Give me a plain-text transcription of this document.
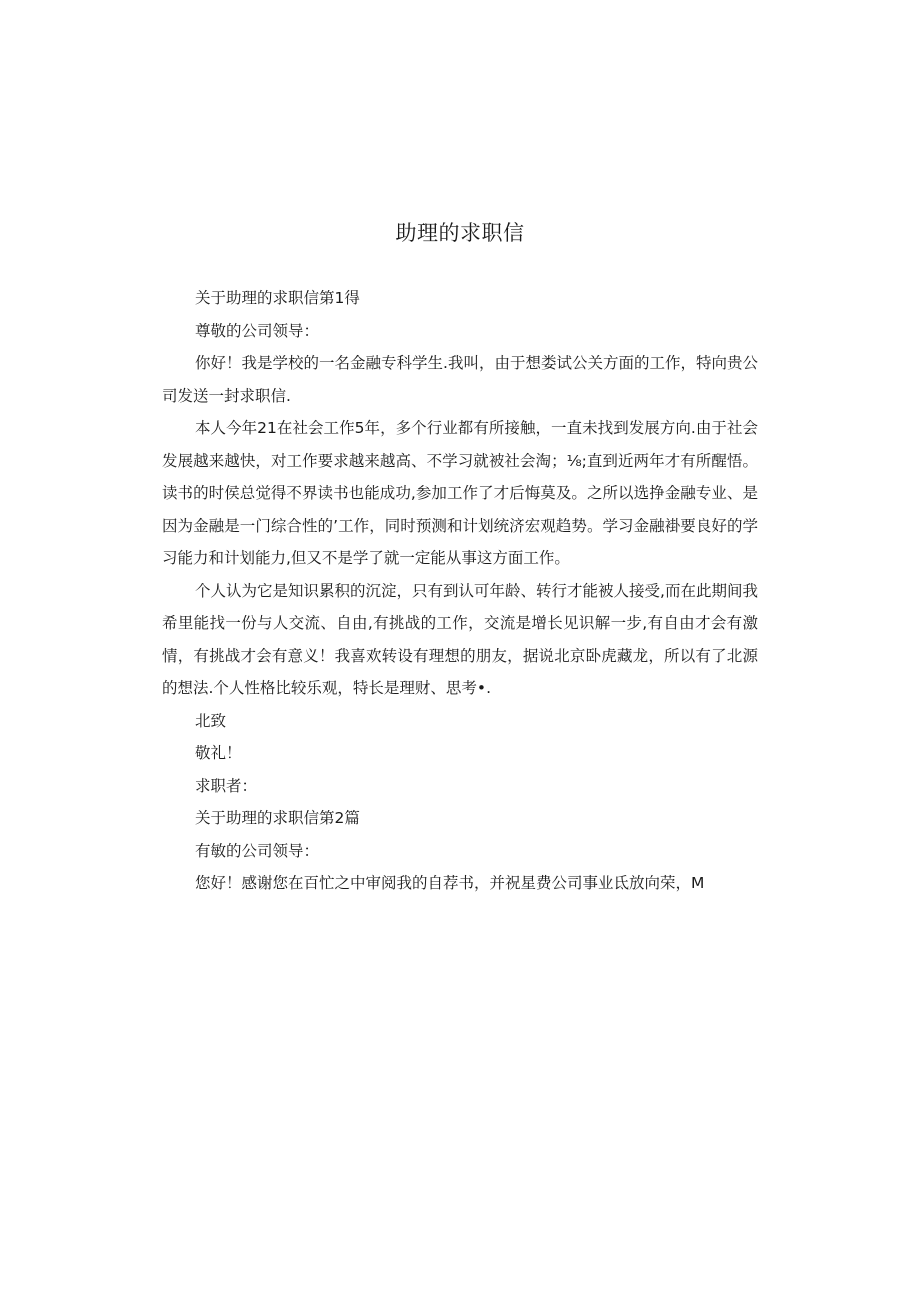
助理的求职信

关于助理的求职信第1得

尊敬的公司领导：

你好！我是学校的一名金融专科学生.我叫，由于想娄试公关方面的工作，特向贵公司发送一封求职信.

本人今年21在社会工作5年，多个行业都有所接触，一直未找到发展方向.由于社会发展越来越快，对工作要求越来越高、不学习就被社会淘；⅛;直到近两年才有所醒悟。读书的时侯总觉得不界读书也能成功,参加工作了才后悔莫及。之所以选挣金融专业、是因为金融是一门综合性的’工作，同时预测和计划统济宏观趋势。学习金融褂要良好的学习能力和计划能力,但又不是学了就一定能从事这方面工作。

个人认为它是知识累积的沉淀，只有到认可年龄、转行才能被人接受,而在此期间我希里能找一份与人交流、自由,有挑战的工作，交流是增长见识解一步,有自由才会有激情，有挑战才会有意义！我喜欢转设有理想的朋友，据说北京卧虎藏龙，所以有了北源的想法.个人性格比较乐观，特长是理财、思考•.

北致

敬礼！

求职者：

关于助理的求职信第2篇

有敏的公司领导：

您好！感谢您在百忙之中审阅我的自荐书，并祝星费公司事业氐放向荣，M
